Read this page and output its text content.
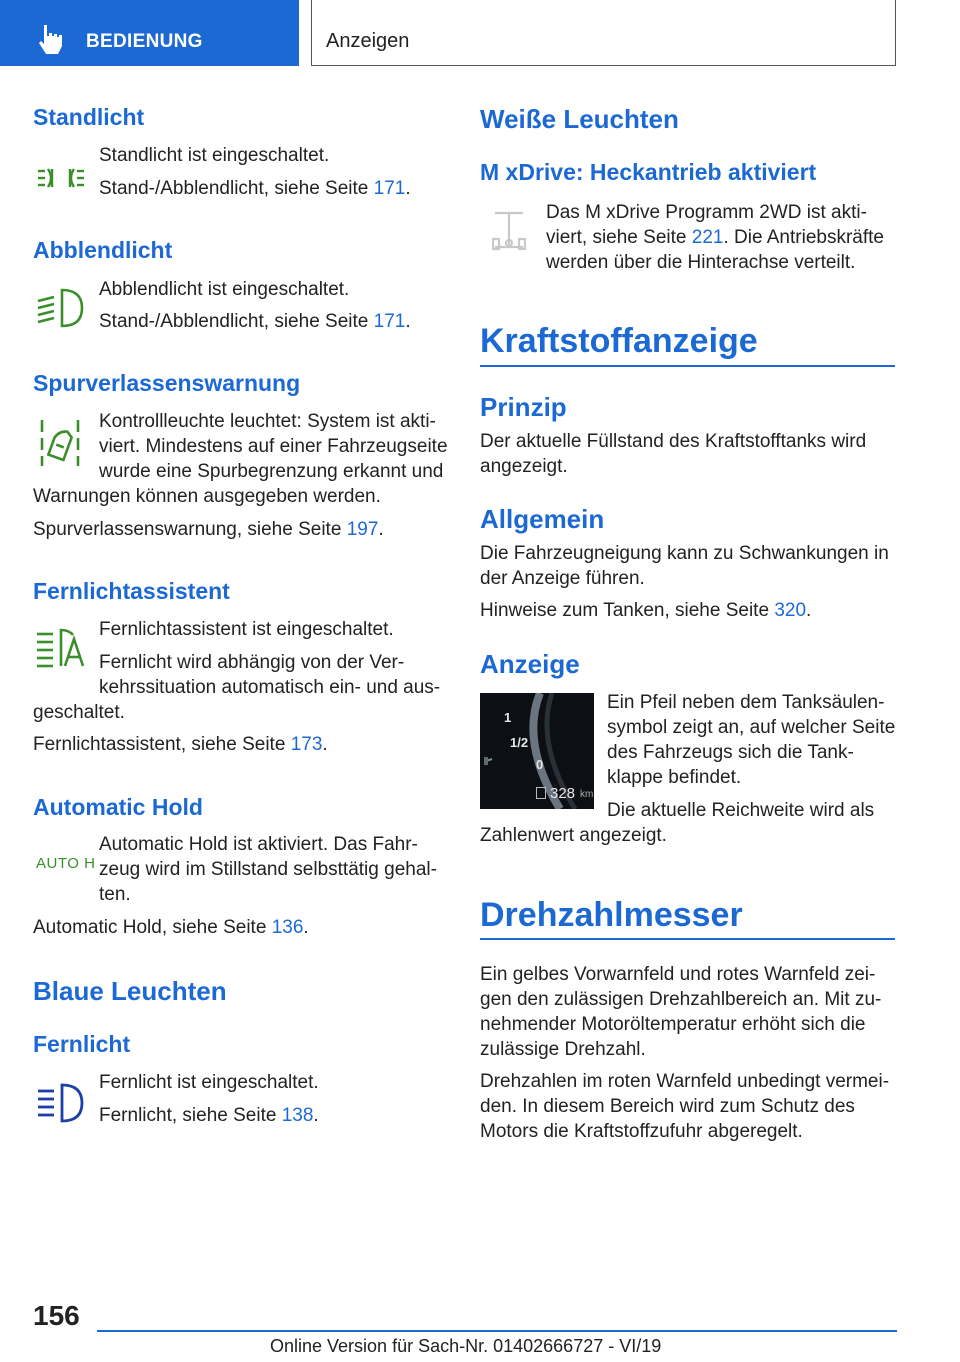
BEDIENUNG	Anzeigen
Standlicht
Standlicht ist eingeschaltet.
Stand-/Abblendlicht, siehe Seite 171.
Abblendlicht
Abblendlicht ist eingeschaltet.
Stand-/Abblendlicht, siehe Seite 171.
Spurverlassenswarnung
Kontrollleuchte leuchtet: System ist akti-
viert. Mindestens auf einer Fahrzeugseite
wurde eine Spurbegrenzung erkannt und
Warnungen können ausgegeben werden.
Spurverlassenswarnung, siehe Seite 197.
Fernlichtassistent
Fernlichtassistent ist eingeschaltet.
Fernlicht wird abhängig von der Ver-
kehrssituation automatisch ein- und aus-
geschaltet.
Fernlichtassistent, siehe Seite 173.
Automatic Hold
AUTO H
Automatic Hold ist aktiviert. Das Fahr-
zeug wird im Stillstand selbsttätig gehal-
ten.
Automatic Hold, siehe Seite 136.
Blaue Leuchten
Fernlicht
Fernlicht ist eingeschaltet.
Fernlicht, siehe Seite 138.
Weiße Leuchten
M xDrive: Heckantrieb aktiviert
Das M xDrive Programm 2WD ist akti-
viert, siehe Seite 221. Die Antriebskräfte
werden über die Hinterachse verteilt.
Kraftstoffanzeige
Prinzip
Der aktuelle Füllstand des Kraftstofftanks wird
angezeigt.
Allgemein
Die Fahrzeugneigung kann zu Schwankungen in
der Anzeige führen.
Hinweise zum Tanken, siehe Seite 320.
Anzeige
1
1/2
0
328 km
Ein Pfeil neben dem Tanksäulen-
symbol zeigt an, auf welcher Seite
des Fahrzeugs sich die Tank-
klappe befindet.
Die aktuelle Reichweite wird als
Zahlenwert angezeigt.
Drehzahlmesser
Ein gelbes Vorwarnfeld und rotes Warnfeld zei-
gen den zulässigen Drehzahlbereich an. Mit zu-
nehmender Motoröltemperatur erhöht sich die
zulässige Drehzahl.
Drehzahlen im roten Warnfeld unbedingt vermei-
den. In diesem Bereich wird zum Schutz des
Motors die Kraftstoffzufuhr abgeregelt.
156
Online Version für Sach-Nr. 01402666727 - VI/19
